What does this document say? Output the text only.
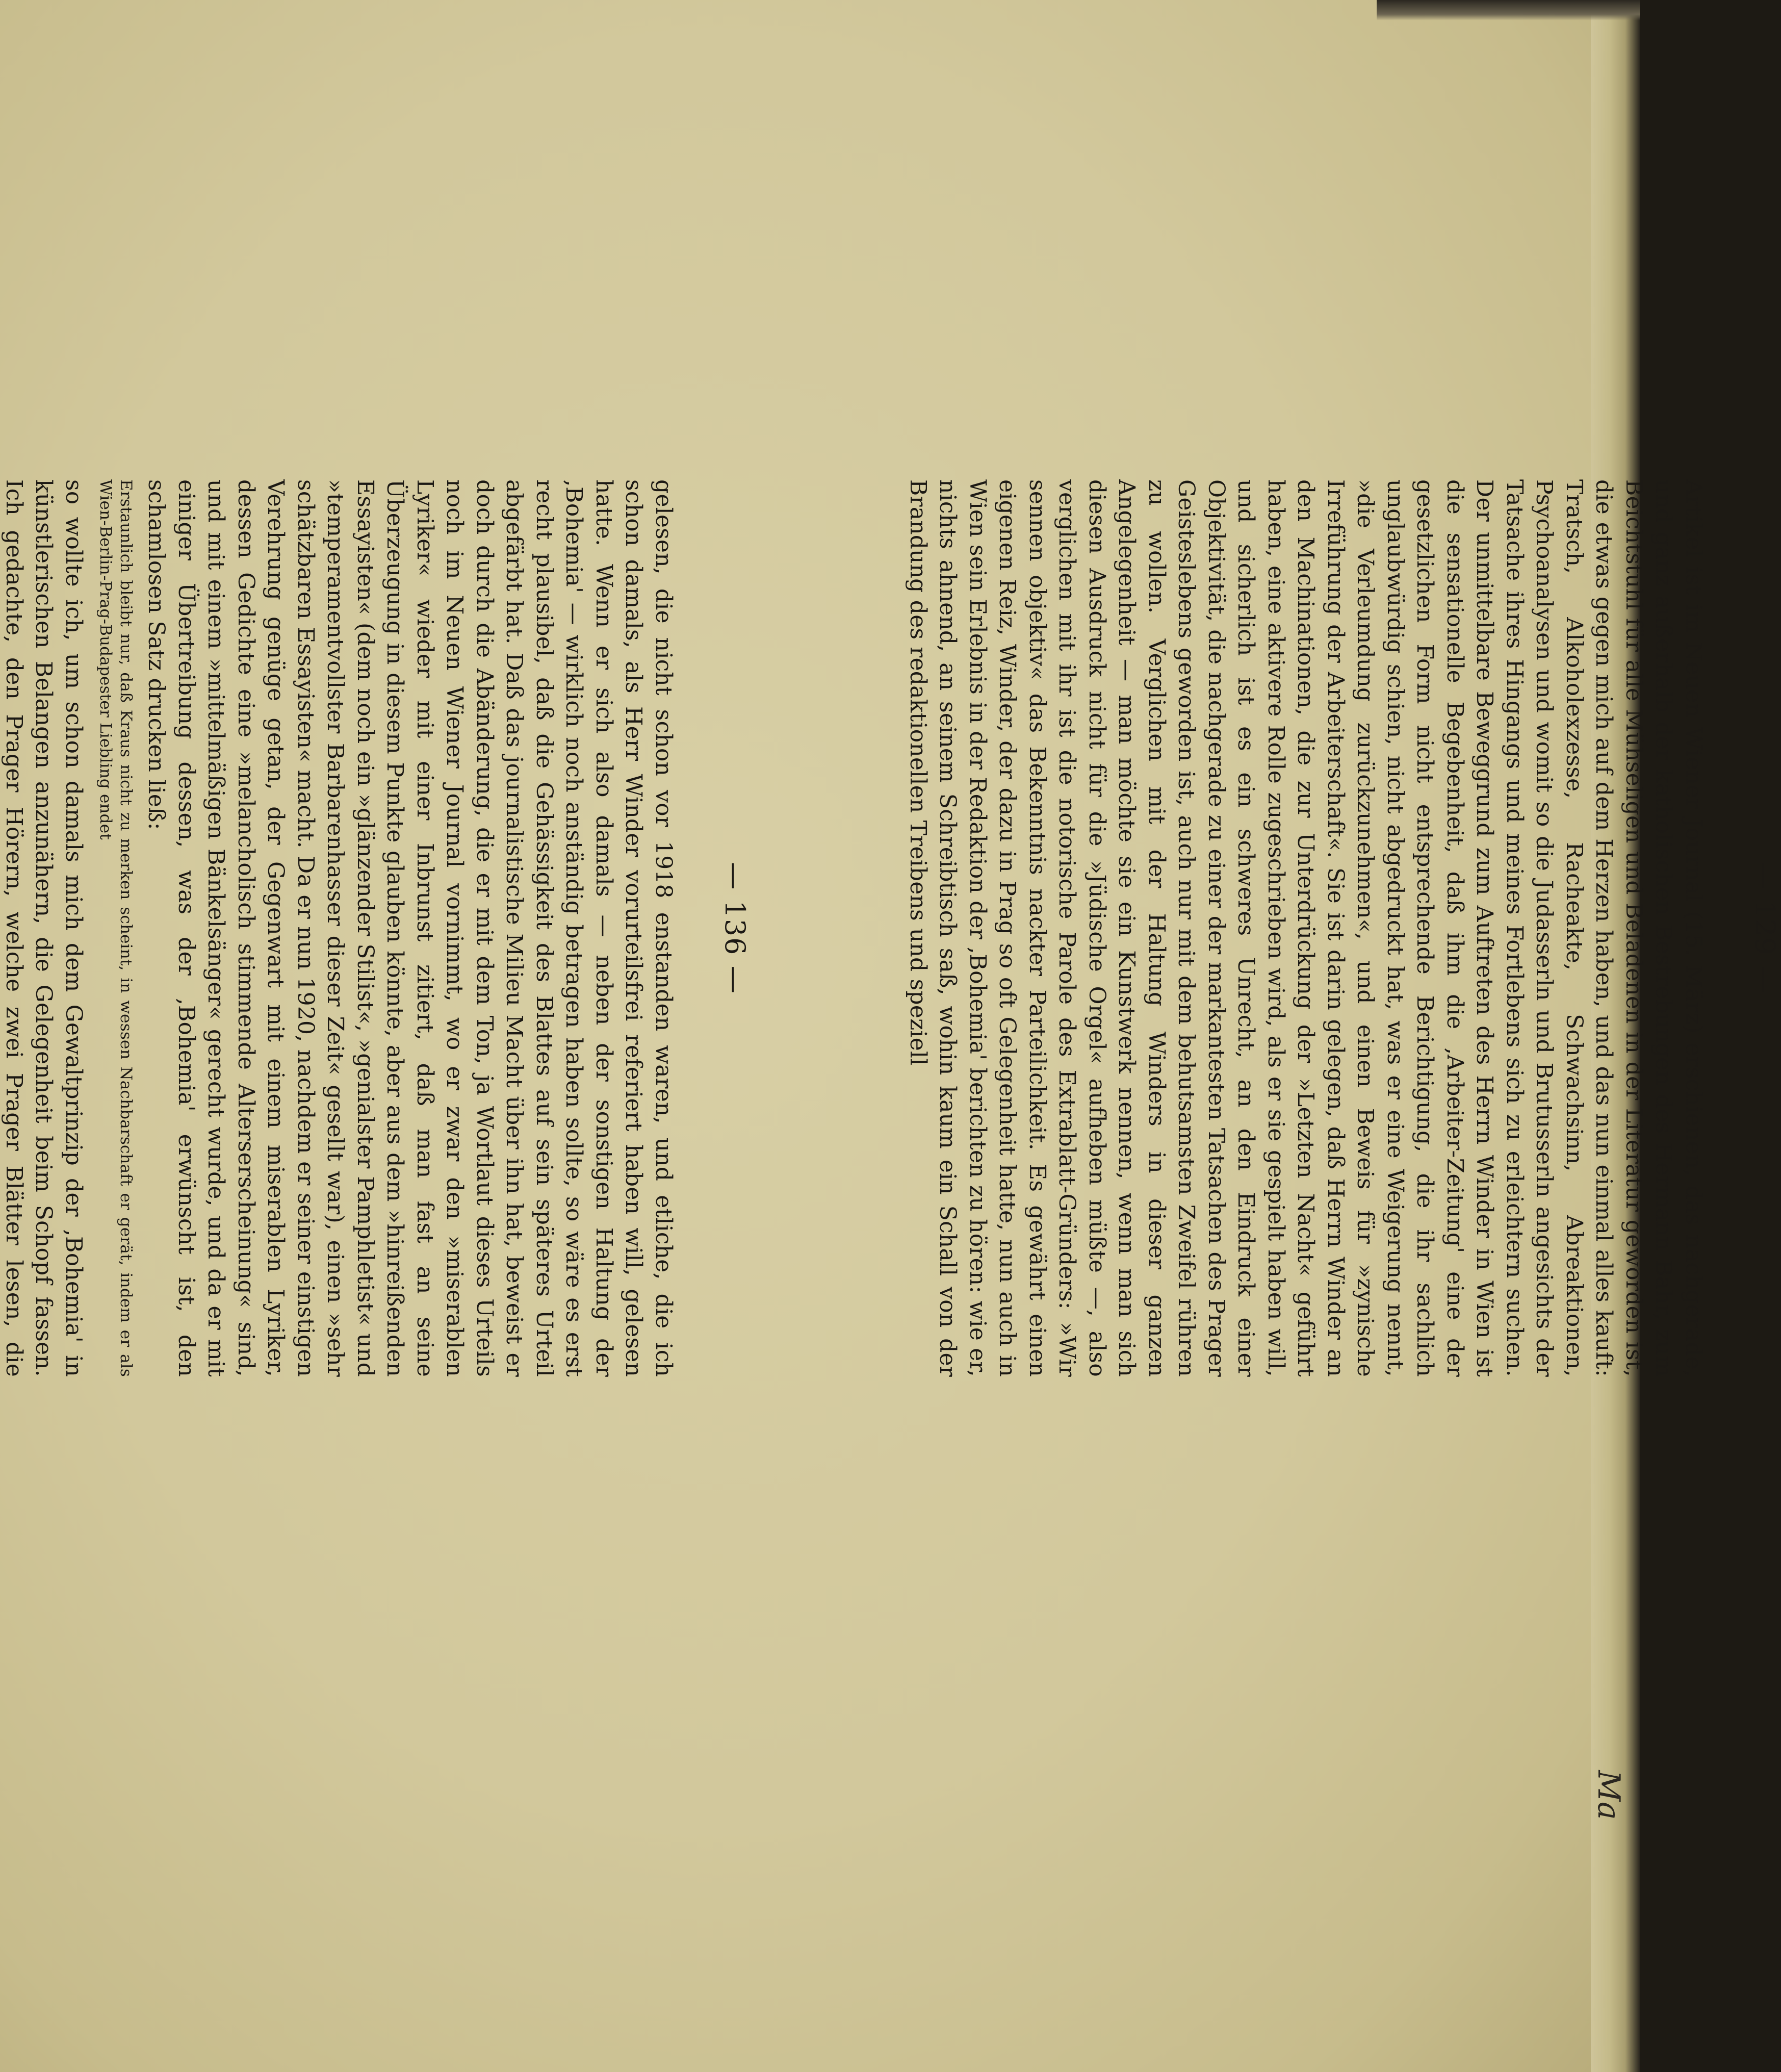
— 136 —

gelesen, die nicht schon vor 1918 enstanden waren, und etliche, die ich schon damals, als Herr Winder vorurteilsfrei referiert haben will, gelesen hatte. Wenn er sich also damals — neben der sonstigen Haltung der ‚Bohemia' — wirklich noch anständig betragen haben sollte, so wäre es erst recht plausibel, daß die Gehässigkeit des Blattes auf sein späteres Urteil abgefärbt hat. Daß das journalistische Milieu Macht über ihn hat, beweist er doch durch die Abänderung, die er mit dem Ton, ja Wortlaut dieses Urteils noch im Neuen Wiener Journal vornimmt, wo er zwar den »miserablen Lyriker« wieder mit einer Inbrunst zitiert, daß man fast an seine Überzeugung in diesem Punkte glauben könnte, aber aus dem »hinreißenden Essayisten« (dem noch ein »glänzender Stilist«, »genialster Pamphletist« und »temperamentvollster Barbarenhasser dieser Zeit« gesellt war), einen »sehr schätzbaren Essayisten« macht. Da er nun 1920, nachdem er seiner einstigen Verehrung genüge getan, der Gegenwart mit einem miserablen Lyriker, dessen Gedichte eine »melancholisch stimmende Alterserscheinung« sind, und mit einem »mittelmäßigen Bänkelsänger« gerecht wurde, und da er mit einiger Übertreibung dessen, was der ‚Bohemia' erwünscht ist, den schamlosen Satz drucken ließ:

Erstaunlich bleibt nur, daß Kraus nicht zu merken scheint, in wessen Nachbarschaft er gerät, indem er als Wien-Berlin-Prag-Budapester Liebling endet

so wollte ich, um schon damals mich dem Gewaltprinzip der ‚Bohemia' in künstlerischen Belangen anzunähern, die Gelegenheit beim Schopf fassen. Ich gedachte, den Prager Hörern, welche zwei Prager Blätter lesen, die

— 129 —

Artikel ist im Neuen Wiener Journal (15. März) erschienen, das nachgerade, und ganz außerhalb der katholischen Bestrebungen des Hermann Bahr, zum Beichtstuhl für alle Mühseligen und Beladenen in der Literatur geworden ist, die etwas gegen mich auf dem Herzen haben, und das nun einmal alles kauft: Tratsch, Alkoholexzesse, Racheakte, Schwachsinn, Abreaktionen, Psychoanalysen und womit so die Judasserln und Brutusserln angesichts der Tatsache ihres Hingangs und meines Fortlebens sich zu erleichtern suchen. Der unmittelbare Beweggrund zum Auftreten des Herrn Winder in Wien ist die sensationelle Begebenheit, daß ihm die ‚Arbeiter-Zeitung' eine der gesetzlichen Form nicht entsprechende Berichtigung, die ihr sachlich unglaubwürdig schien, nicht abgedruckt hat, was er eine Weigerung nennt, »die Verleumdung zurückzunehmen«, und einen Beweis für »zynische Irreführung der Arbeiterschaft«. Sie ist darin gelegen, daß Herrn Winder an den Machinationen, die zur Unterdrückung der »Letzten Nacht« geführt haben, eine aktivere Rolle zugeschrieben wird, als er sie gespielt haben will, und sicherlich ist es ein schweres Unrecht, an den Eindruck einer Objektivität, die nachgerade zu einer der markantesten Tatsachen des Prager Geisteslebens geworden ist, auch nur mit dem behutsamsten Zweifel rühren zu wollen. Verglichen mit der Haltung Winders in dieser ganzen Angelegenheit — man möchte sie ein Kunstwerk nennen, wenn man sich diesen Ausdruck nicht für die »Jüdische Orgel« aufheben müßte —, also verglichen mit ihr ist die notorische Parole des Extrablatt-Gründers: »Wir sennen objektiv« das Bekenntnis nackter Parteilichkeit. Es gewährt einen eigenen Reiz, Winder, der dazu in Prag so oft Gelegenheit hatte, nun auch in Wien sein Erlebnis in der Redaktion der ‚Bohemia' berichten zu hören: wie er, nichts ahnend, an seinem Schreibtisch saß, wohin kaum ein Schall von der Brandung des redaktionellen Treibens und speziell

Ma
